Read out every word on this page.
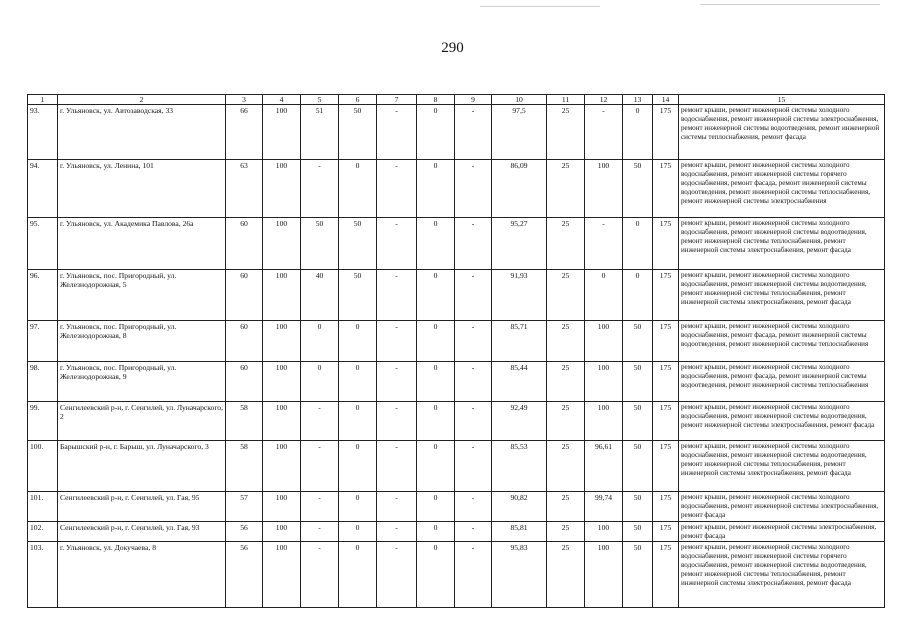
290
1	2	3	4	5	6	7	8	9	10	11	12	13	14	15
93.	г. Ульяновск, ул. Автозаводская, 33	66	100	51	50	-	0	-	97,5	25	-	0	175	ремонт крыши, ремонт инженерной системы холодного водоснабжения, ремонт инженерной системы электроснабжения, ремонт инженерной системы водоотведения, ремонт инженерной системы теплоснабжения, ремонт фасада
94.	г. Ульяновск, ул. Ленина, 101	63	100	-	0	-	0	-	86,09	25	100	50	175	ремонт крыши, ремонт инженерной системы холодного водоснабжения, ремонт инженерной системы горячего водоснабжения, ремонт фасада, ремонт инженерной системы водоотведения, ремонт инженерной системы теплоснабжения, ремонт инженерной системы электроснабжения
95.	г. Ульяновск, ул. Академика Павлова, 26а	60	100	50	50	-	0	-	95,27	25	-	0	175	ремонт крыши, ремонт инженерной системы холодного водоснабжения, ремонт инженерной системы водоотведения, ремонт инженерной системы теплоснабжения, ремонт инженерной системы электроснабжения, ремонт фасада
96.	г. Ульяновск, пос. Пригородный, ул. Железнодорожная, 5	60	100	40	50	-	0	-	91,93	25	0	0	175	ремонт крыши, ремонт инженерной системы холодного водоснабжения, ремонт инженерной системы водоотведения, ремонт инженерной системы теплоснабжения, ремонт инженерной системы электроснабжения, ремонт фасада
97.	г. Ульяновск, пос. Пригородный, ул. Железнодорожная, 8	60	100	0	0	-	0	-	85,71	25	100	50	175	ремонт крыши, ремонт инженерной системы холодного водоснабжения, ремонт фасада, ремонт инженерной системы водоотведения, ремонт инженерной системы теплоснабжения
98.	г. Ульяновск, пос. Пригородный, ул. Железнодорожная, 9	60	100	0	0	-	0	-	85,44	25	100	50	175	ремонт крыши, ремонт инженерной системы холодного водоснабжения, ремонт фасада, ремонт инженерной системы водоотведения, ремонт инженерной системы теплоснабжения
99.	Сенгилеевский р-н, г. Сенгилей, ул. Луначарского, 2	58	100	-	0	-	0	-	92,49	25	100	50	175	ремонт крыши, ремонт инженерной системы холодного водоснабжения, ремонт инженерной системы водоотведения, ремонт инженерной системы электроснабжения, ремонт фасада
100.	Барышский р-н, г. Барыш, ул. Луначарского, 3	58	100	-	0	-	0	-	85,53	25	96,61	50	175	ремонт крыши, ремонт инженерной системы холодного водоснабжения, ремонт инженерной системы водоотведения, ремонт инженерной системы теплоснабжения, ремонт инженерной системы электроснабжения, ремонт фасада
101.	Сенгилеевский р-н, г. Сенгилей, ул. Гая, 95	57	100	-	0	-	0	-	90,82	25	99,74	50	175	ремонт крыши, ремонт инженерной системы холодного водоснабжения, ремонт инженерной системы электроснабжения, ремонт фасада
102.	Сенгилеевский р-н, г. Сенгилей, ул. Гая, 93	56	100	-	0	-	0	-	85,81	25	100	50	175	ремонт крыши, ремонт инженерной системы электроснабжения, ремонт фасада
103.	г. Ульяновск, ул. Докучаева, 8	56	100	-	0	-	0	-	95,83	25	100	50	175	ремонт крыши, ремонт инженерной системы холодного водоснабжения, ремонт инженерной системы горячего водоснабжения, ремонт инженерной системы водоотведения, ремонт инженерной системы теплоснабжения, ремонт инженерной системы электроснабжения, ремонт фасада
